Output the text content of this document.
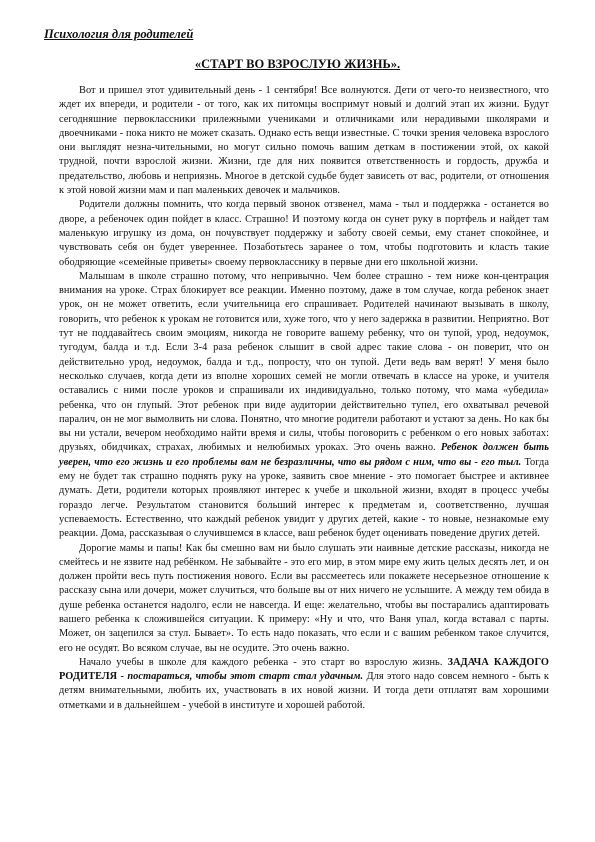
Психология для родителей
«СТАРТ ВО ВЗРОСЛУЮ ЖИЗНЬ».

Вот и пришел этот удивительный день - 1 сентября! Все волнуются. Дети от чего-то неизвестного, что ждет их впереди, и родители - от того, как их питомцы воспримут новый и долгий этап их жизни. Будут сегодняшние первоклассники прилежными учениками и отличниками или нерадивыми школярами и двоечниками - пока никто не может сказать. Однако есть вещи известные. С точки зрения человека взрослого они выглядят незна-чительными, но могут сильно помочь вашим деткам в постижении этой, ох какой трудной, почти взрослой жизни. Жизни, где для них появится ответственность и гордость, дружба и предательство, любовь и неприязнь. Многое в детской судьбе будет зависеть от вас, родители, от отношения к этой новой жизни мам и пап маленьких девочек и мальчиков.

Родители должны помнить, что когда первый звонок отзвенел, мама - тыл и поддержка - останется во дворе, а ребеночек один пойдет в класс. Страшно! И поэтому когда он сунет руку в портфель и найдет там маленькую игрушку из дома, он почувствует поддержку и заботу своей семьи, ему станет спокойнее, и чувствовать себя он будет увереннее. Позаботьтесь заранее о том, чтобы подготовить и класть такие ободряющие «семейные приветы» своему первокласснику в первые дни его школьной жизни.

Малышам в школе страшно потому, что непривычно. Чем более страшно - тем ниже кон-центрация внимания на уроке. Страх блокирует все реакции. Именно поэтому, даже в том случае, когда ребенок знает урок, он не может ответить, если учительница его спрашивает. Родителей начинают вызывать в школу, говорить, что ребенок к урокам не готовится или, хуже того, что у него задержка в развитии. Неприятно. Вот тут не поддавайтесь своим эмоциям, никогда не говорите вашему ребенку, что он тупой, урод, недоумок, тугодум, балда и т.д. Если 3-4 раза ребенок слышит в свой адрес такие слова - он поверит, что он действительно урод, недоумок, балда и т.д., попросту, что он тупой. Дети ведь вам верят! У меня было несколько случаев, когда дети из вполне хороших семей не могли отвечать в классе на уроке, и учителя оставались с ними после уроков и спрашивали их индивидуально, только потому, что мама «убедила» ребенка, что он глупый. Этот ребенок при виде аудитории действительно тупел, его охватывал речевой паралич, он не мог вымолвить ни слова. Понятно, что многие родители работают и устают за день. Но как бы вы ни устали, вечером необходимо найти время и силы, чтобы поговорить с ребенком о его новых заботах: друзьях, обидчиках, страхах, любимых и нелюбимых уроках. Это очень важно. Ребенок должен быть уверен, что его жизнь и его проблемы вам не безразличны, что вы рядом с ним, что вы - его тыл. Тогда ему не будет так страшно поднять руку на уроке, заявить свое мнение - это помогает быстрее и активнее думать. Дети, родители которых проявляют интерес к учебе и школьной жизни, входят в процесс учебы гораздо легче. Результатом становится больший интерес к предметам и, соответственно, лучшая успеваемость. Естественно, что каждый ребенок увидит у других детей, какие - то новые, незнакомые ему реакции. Дома, рассказывая о случившемся в классе, ваш ребенок будет оценивать поведение других детей.

Дорогие мамы и папы! Как бы смешно вам ни было слушать эти наивные детские рассказы, никогда не смейтесь и не язвите над ребёнком. Не забывайте - это его мир, в этом мире ему жить целых десять лет, и он должен пройти весь путь постижения нового. Если вы рассмеетесь или покажете несерьезное отношение к рассказу сына или дочери, может случиться, что больше вы от них ничего не услышите. А между тем обида в душе ребенка останется надолго, если не навсегда. И еще: желательно, чтобы вы постарались адаптировать вашего ребенка к сложившейся ситуации. К примеру: «Ну и что, что Ваня упал, когда вставал с парты. Может, он зацепился за стул. Бывает». То есть надо показать, что если и с вашим ребенком такое случится, его не осудят. Во всяком случае, вы не осудите. Это очень важно.

Начало учебы в школе для каждого ребенка - это старт во взрослую жизнь. ЗАДАЧА КАЖДОГО РОДИТЕЛЯ - постараться, чтобы этот старт стал удачным. Для этого надо совсем немного - быть к детям внимательными, любить их, участвовать в их новой жизни. И тогда дети отплатят вам хорошими отметками и в дальнейшем - учебой в институте и хорошей работой.
